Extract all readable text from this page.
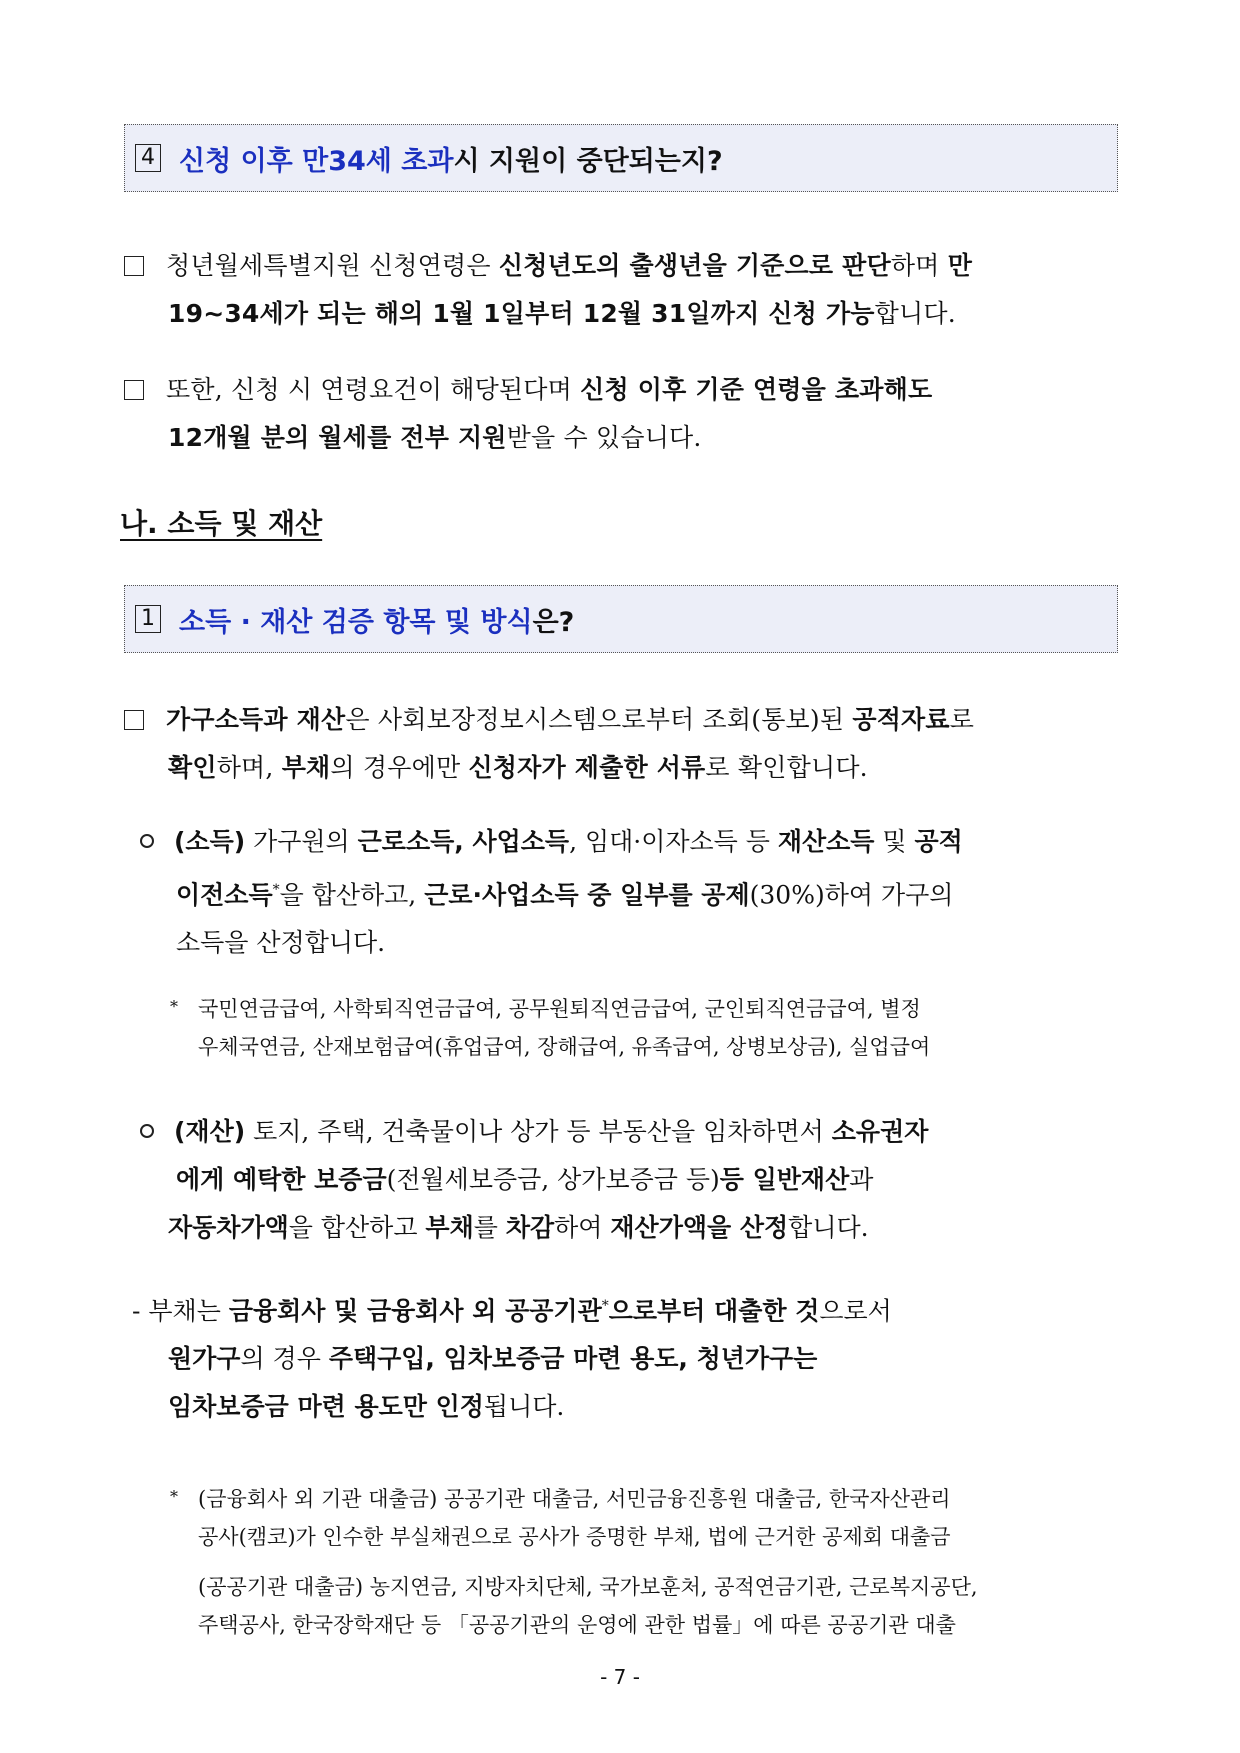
4 신청 이후 만34세 초과 시 지원이 중단되는지?
청년월세특별지원 신청연령은 신청년도의 출생년을 기준으로 판단하며 만
19~34세가 되는 해의 1월 1일부터 12월 31일까지 신청 가능합니다.
또한, 신청 시 연령요건이 해당된다며 신청 이후 기준 연령을 초과해도
12개월 분의 월세를 전부 지원받을 수 있습니다.
나. 소득 및 재산
1 소득 · 재산 검증 항목 및 방식 은?
가구소득과 재산은 사회보장정보시스템으로부터 조회(통보)된 공적자료로
확인하며, 부채의 경우에만 신청자가 제출한 서류로 확인합니다.
(소득) 가구원의 근로소득, 사업소득, 임대·이자소득 등 재산소득 및 공적
이전소득*을 합산하고, 근로·사업소득 중 일부를 공제(30%)하여 가구의
소득을 산정합니다.
* 국민연금급여, 사학퇴직연금급여, 공무원퇴직연금급여, 군인퇴직연금급여, 별정
우체국연금, 산재보험급여(휴업급여, 장해급여, 유족급여, 상병보상금), 실업급여
(재산) 토지, 주택, 건축물이나 상가 등 부동산을 임차하면서 소유권자
에게 예탁한 보증금(전월세보증금, 상가보증금 등)등 일반재산과
자동차가액을 합산하고 부채를 차감하여 재산가액을 산정합니다.
- 부채는 금융회사 및 금융회사 외 공공기관*으로부터 대출한 것으로서
원가구의 경우 주택구입, 임차보증금 마련 용도, 청년가구는
임차보증금 마련 용도만 인정됩니다.
* (금융회사 외 기관 대출금) 공공기관 대출금, 서민금융진흥원 대출금, 한국자산관리
공사(캠코)가 인수한 부실채권으로 공사가 증명한 부채, 법에 근거한 공제회 대출금
(공공기관 대출금) 농지연금, 지방자치단체, 국가보훈처, 공적연금기관, 근로복지공단,
주택공사, 한국장학재단 등 「공공기관의 운영에 관한 법률」에 따른 공공기관 대출
- 7 -
